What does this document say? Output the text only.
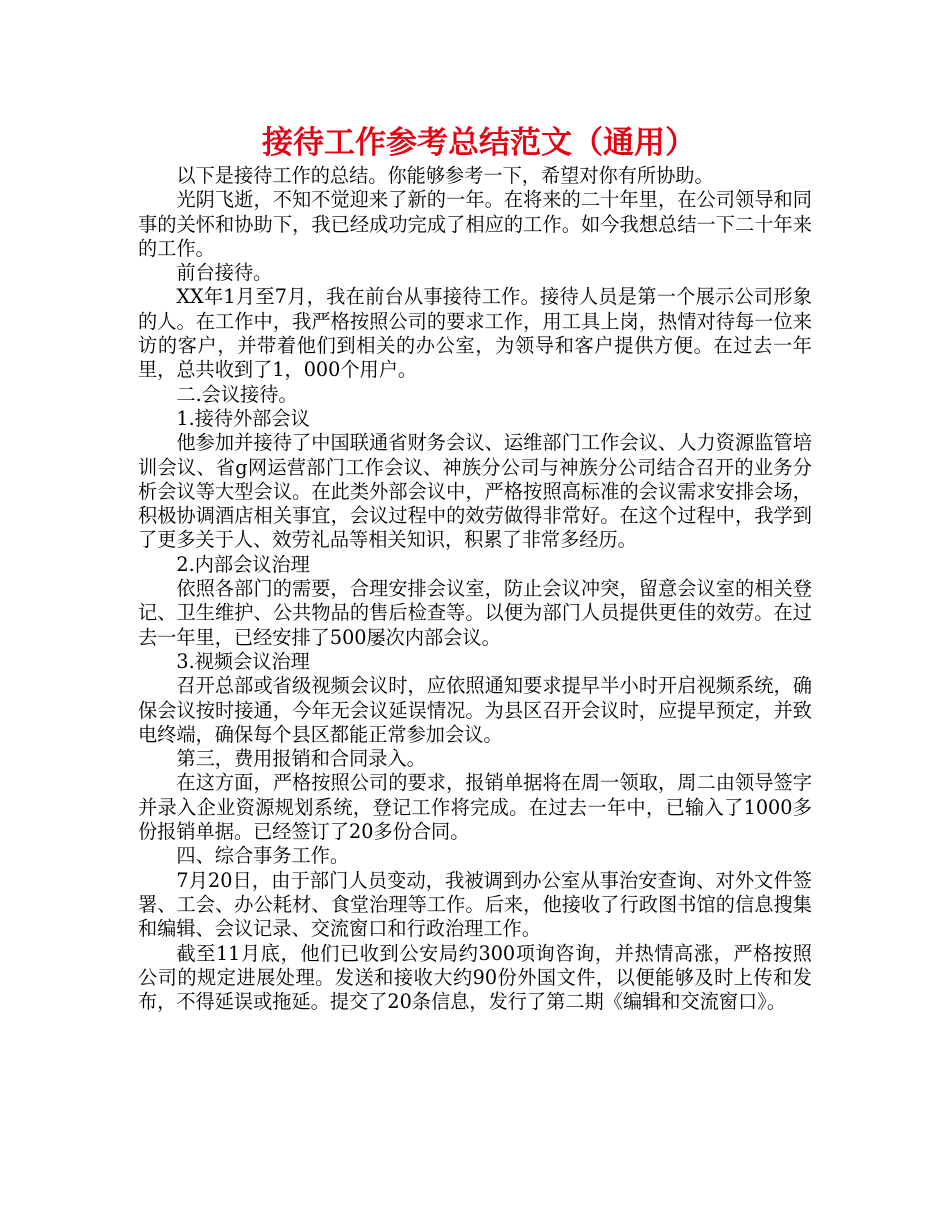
接待工作参考总结范文（通用）

以下是接待工作的总结。你能够参考一下，希望对你有所协助。

光阴飞逝，不知不觉迎来了新的一年。在将来的二十年里，在公司领导和同事的关怀和协助下，我已经成功完成了相应的工作。如今我想总结一下二十年来的工作。

前台接待。

XX年1月至7月，我在前台从事接待工作。接待人员是第一个展示公司形象的人。在工作中，我严格按照公司的要求工作，用工具上岗，热情对待每一位来访的客户，并带着他们到相关的办公室，为领导和客户提供方便。在过去一年里，总共收到了1，000个用户。

二.会议接待。

1.接待外部会议

他参加并接待了中国联通省财务会议、运维部门工作会议、人力资源监管培训会议、省g网运营部门工作会议、神族分公司与神族分公司结合召开的业务分析会议等大型会议。在此类外部会议中，严格按照高标准的会议需求安排会场，积极协调酒店相关事宜，会议过程中的效劳做得非常好。在这个过程中，我学到了更多关于人、效劳礼品等相关知识，积累了非常多经历。

2.内部会议治理

依照各部门的需要，合理安排会议室，防止会议冲突，留意会议室的相关登记、卫生维护、公共物品的售后检查等。以便为部门人员提供更佳的效劳。在过去一年里，已经安排了500屡次内部会议。

3.视频会议治理

召开总部或省级视频会议时，应依照通知要求提早半小时开启视频系统，确保会议按时接通，今年无会议延误情况。为县区召开会议时，应提早预定，并致电终端，确保每个县区都能正常参加会议。

第三，费用报销和合同录入。

在这方面，严格按照公司的要求，报销单据将在周一领取，周二由领导签字并录入企业资源规划系统，登记工作将完成。在过去一年中，已输入了1000多份报销单据。已经签订了20多份合同。

四、综合事务工作。

7月20日，由于部门人员变动，我被调到办公室从事治安查询、对外文件签署、工会、办公耗材、食堂治理等工作。后来，他接收了行政图书馆的信息搜集和编辑、会议记录、交流窗口和行政治理工作。

截至11月底，他们已收到公安局约300项询咨询，并热情高涨，严格按照公司的规定进展处理。发送和接收大约90份外国文件，以便能够及时上传和发布，不得延误或拖延。提交了20条信息，发行了第二期《编辑和交流窗口》。
